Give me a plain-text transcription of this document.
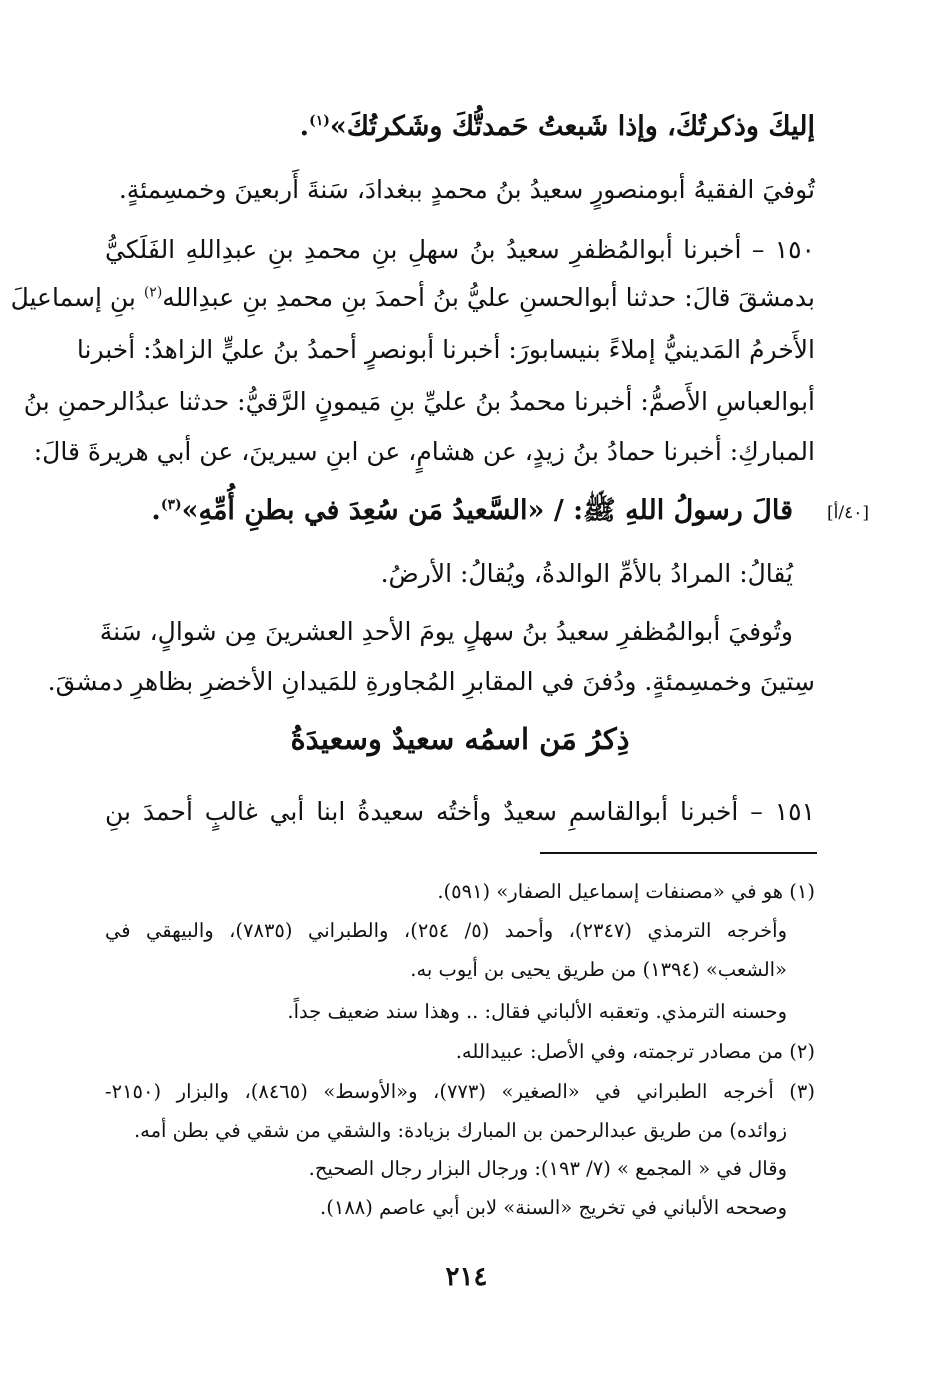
إليكَ وذكرتُكَ، وإذا شَبعتُ حَمدتُّكَ وشَكرتُكَ»$^{(١)}$.
تُوفيَ الفقيهُ أبومنصورٍ سعيدُ بنُ محمدٍ ببغدادَ، سَنةَ أَربعينَ وخمسِمئةٍ.
١٥٠ – أخبرنا أبوالمُظفرِ سعيدُ بنُ سهلِ بنِ محمدِ بنِ عبدِاللهِ الفَلَكيُّ
بدمشقَ قالَ: حدثنا أبوالحسنِ عليُّ بنُ أحمدَ بنِ محمدِ بنِ عبدِالله$^{(٢)}$ بنِ إسماعيلَ
الأَخرمُ المَدينيُّ إملاءً بنيسابورَ: أخبرنا أبونصرٍ أحمدُ بنُ عليٍّ الزاهدُ: أخبرنا
أبوالعباسِ الأَصمُّ: أخبرنا محمدُ بنُ عليِّ بنِ مَيمونٍ الرَّقيُّ: حدثنا عبدُالرحمنِ بنُ
المباركِ: أخبرنا حمادُ بنُ زيدٍ، عن هشامٍ، عن ابنِ سيرينَ، عن أبي هريرةَ قالَ:
قالَ رسولُ اللهِ ﷺ: / «السَّعيدُ مَن سُعِدَ في بطنِ أُمِّهِ»$^{(٣)}$.	[٤٠/أ]
يُقالُ: المرادُ بالأمِّ الوالدةُ، ويُقالُ: الأرضُ.
وتُوفيَ أبوالمُظفرِ سعيدُ بنُ سهلٍ يومَ الأحدِ العشرينَ مِن شوالٍ، سَنةَ
سِتينَ وخمسِمئةٍ. ودُفنَ في المقابرِ المُجاورةِ للمَيدانِ الأخضرِ بظاهرِ دمشقَ.
ذِكرُ مَن اسمُه سعيدٌ وسعيدَةُ
١٥١ – أخبرنا أبوالقاسمِ سعيدٌ وأختُه سعيدةُ ابنا أبي غالبٍ أحمدَ بنِ
(١) هو في «مصنفات إسماعيل الصفار» (٥٩١).
وأخرجه الترمذي (٢٣٤٧)، وأحمد (٥/ ٢٥٤)، والطبراني (٧٨٣٥)، والبيهقي في
«الشعب» (١٣٩٤) من طريق يحيى بن أيوب به.
وحسنه الترمذي. وتعقبه الألباني فقال: .. وهذا سند ضعيف جداً.
(٢) من مصادر ترجمته، وفي الأصل: عبيدالله.
(٣) أخرجه الطبراني في «الصغير» (٧٧٣)، و«الأوسط» (٨٤٦٥)، والبزار (٢١٥٠-
زوائده) من طريق عبدالرحمن بن المبارك بزيادة: والشقي من شقي في بطن أمه.
وقال في « المجمع » (٧/ ١٩٣): ورجال البزار رجال الصحيح.
وصححه الألباني في تخريج «السنة» لابن أبي عاصم (١٨٨).
٢١٤
